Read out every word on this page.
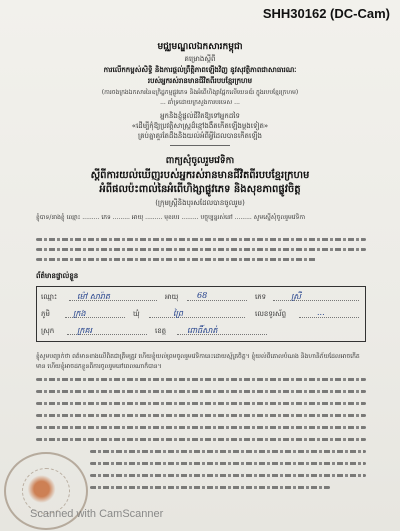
SHH30162 (DC-Cam)
មជ្ឈមណ្ឌលឯកសារកម្ពុជា
គម្រោងស្តីពី
ការលើកកម្ពស់សិទ្ធិ និងការផ្តល់ព្រឹត្តិភាពឡើងវិញ នូវសុវត្ថិភាពជាសាធារណៈ
របស់អ្នករស់រានមានជីវិតពីរបបខ្មែរក្រហម
(ការចងក្រងឯកសារនៃឧក្រិដ្ឋកម្មផ្លូវភេទ និងអំពើហិង្សាផ្អែកលើយេនឌ័រ ក្នុងរបបខ្មែរក្រហម)
... គាំទ្រដោយក្រសួងការបរទេស ...
អ្នកនិងខ្ញុំផ្តល់ជីវិតឱ្យទៅអ្នកដទៃ
«ដើម្បីកុំឱ្យប្រវត្តិសាស្ត្រដ៏ខ្មៅងងឹតកើតឡើងម្តងទៀត»
គ្រប់គ្នាគួរតែដឹងនិងយល់អំពីអ្វីដែលបានកើតឡើង
ពាក្យសុំចូលរួមវេទិកា
ស្តីពីការយល់ឃើញរបស់អ្នករស់រានមានជីវិតពីរបបខ្មែរក្រហម
អំពីផលប៉ះពាល់នៃអំពើហិង្សាផ្លូវភេទ និងសុខភាពផ្លូវចិត្ត
(ក្រុមស្រ្តីនិងបុរសដែលបានចូលរួម)
ខ្ញុំបាទ/នាងខ្ញុំ ឈ្មោះ ......... ភេទ ......... អាយុ ......... មុខរបរ ......... បច្ចុប្បន្នរស់នៅ ......... សូមស្នើសុំចូលរួមវេទិកា
ព័ត៌មានផ្ទាល់ខ្លួន
ឈ្មោះ ម៉ៅ សារ៉ាត	អាយុ 68	ភេទ	ស្រី
ភូមិ	ក្រង	ឃុំ	ព្រៃ	លេខទូរស័ព្ទ	...
ស្រុក	ក្រគរ	ខេត្ត	ពោធិ៍សាត់
ខ្ញុំសូមបញ្ជាក់ថា ពត៌មានខាងលើពិតជាត្រឹមត្រូវ ហើយខ្ញុំយល់ព្រមចូលរួមវេទិកានេះដោយស្ម័គ្រចិត្ត។ ខ្ញុំយល់ពីគោលបំណង និងហានិភ័យដែលអាចកើតមាន ហើយខ្ញុំអាចដកខ្លួនពីការចូលរួមនៅពេលណាក៏បាន។
Scanned with CamScanner
